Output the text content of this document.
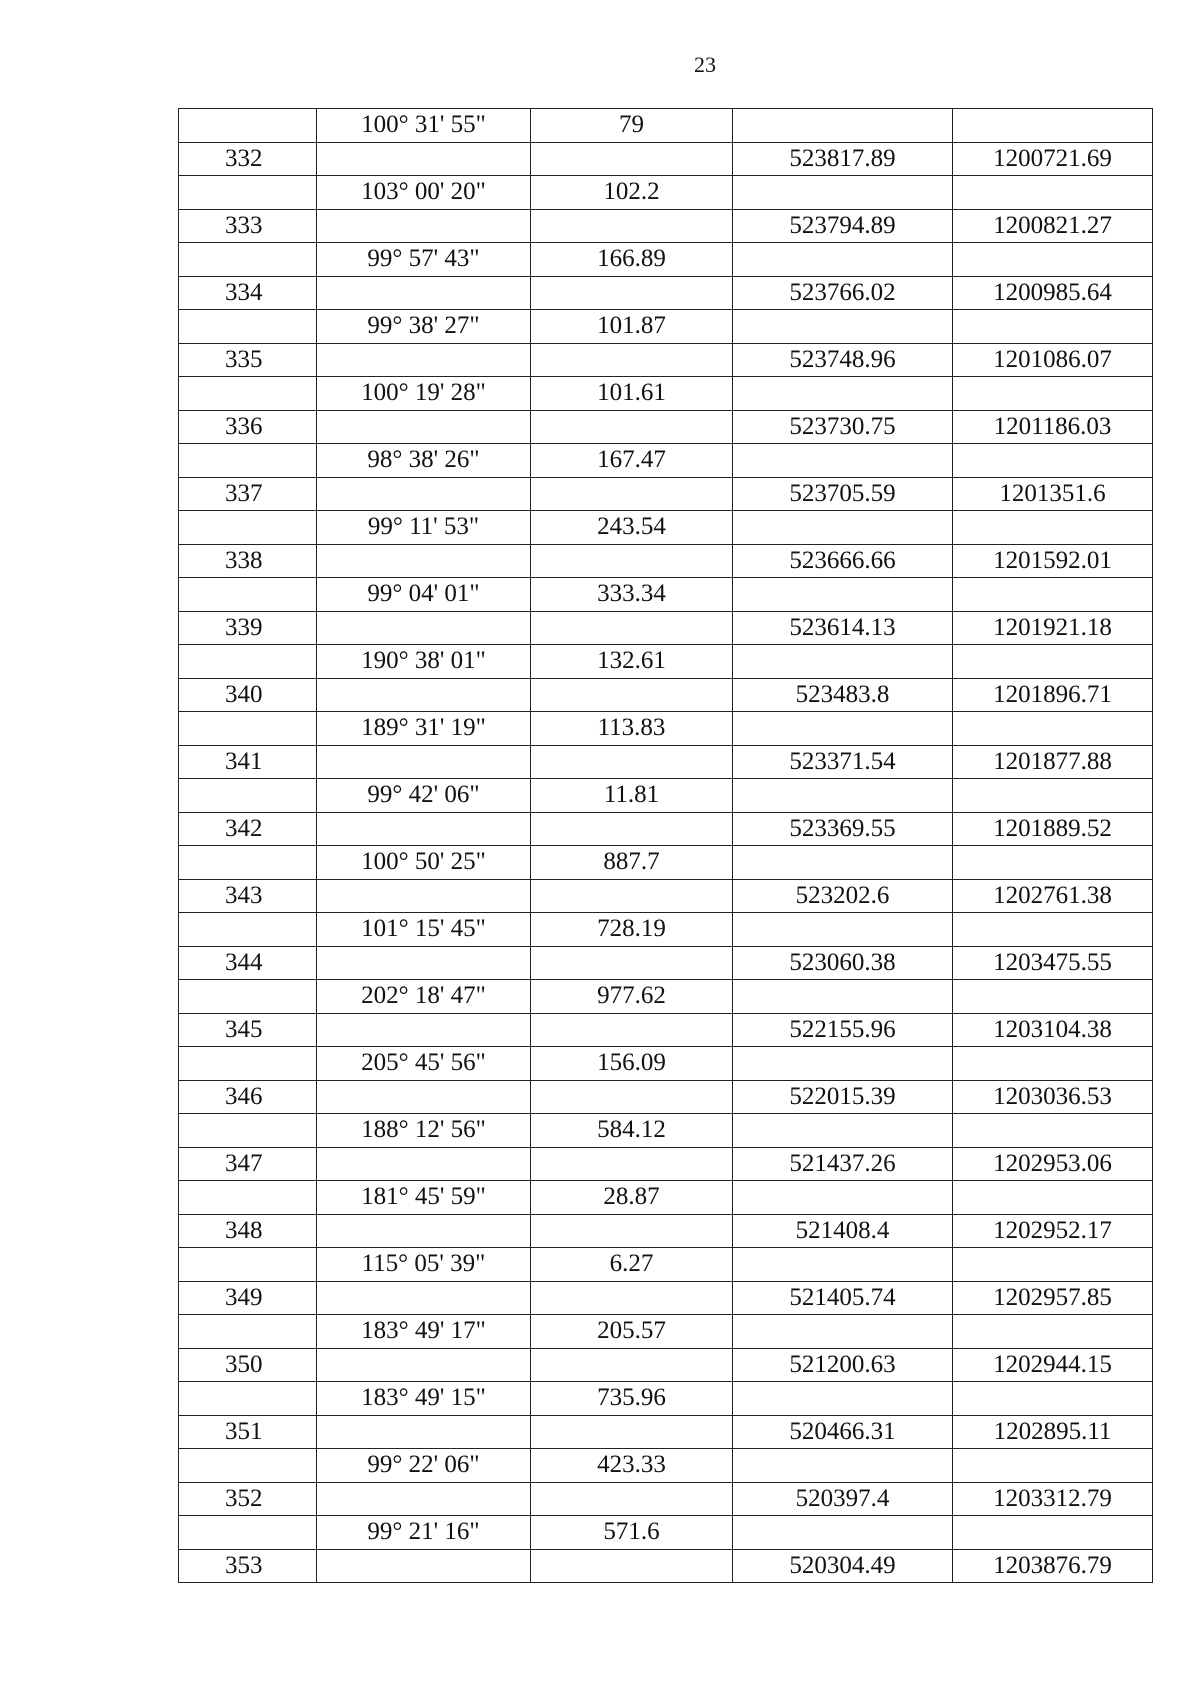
23
	100° 31' 55"	79		
332			523817.89	1200721.69
	103° 00' 20"	102.2		
333			523794.89	1200821.27
	99° 57' 43"	166.89		
334			523766.02	1200985.64
	99° 38' 27"	101.87		
335			523748.96	1201086.07
	100° 19' 28"	101.61		
336			523730.75	1201186.03
	98° 38' 26"	167.47		
337			523705.59	1201351.6
	99° 11' 53"	243.54		
338			523666.66	1201592.01
	99° 04' 01"	333.34		
339			523614.13	1201921.18
	190° 38' 01"	132.61		
340			523483.8	1201896.71
	189° 31' 19"	113.83		
341			523371.54	1201877.88
	99° 42' 06"	11.81		
342			523369.55	1201889.52
	100° 50' 25"	887.7		
343			523202.6	1202761.38
	101° 15' 45"	728.19		
344			523060.38	1203475.55
	202° 18' 47"	977.62		
345			522155.96	1203104.38
	205° 45' 56"	156.09		
346			522015.39	1203036.53
	188° 12' 56"	584.12		
347			521437.26	1202953.06
	181° 45' 59"	28.87		
348			521408.4	1202952.17
	115° 05' 39"	6.27		
349			521405.74	1202957.85
	183° 49' 17"	205.57		
350			521200.63	1202944.15
	183° 49' 15"	735.96		
351			520466.31	1202895.11
	99° 22' 06"	423.33		
352			520397.4	1203312.79
	99° 21' 16"	571.6		
353			520304.49	1203876.79
